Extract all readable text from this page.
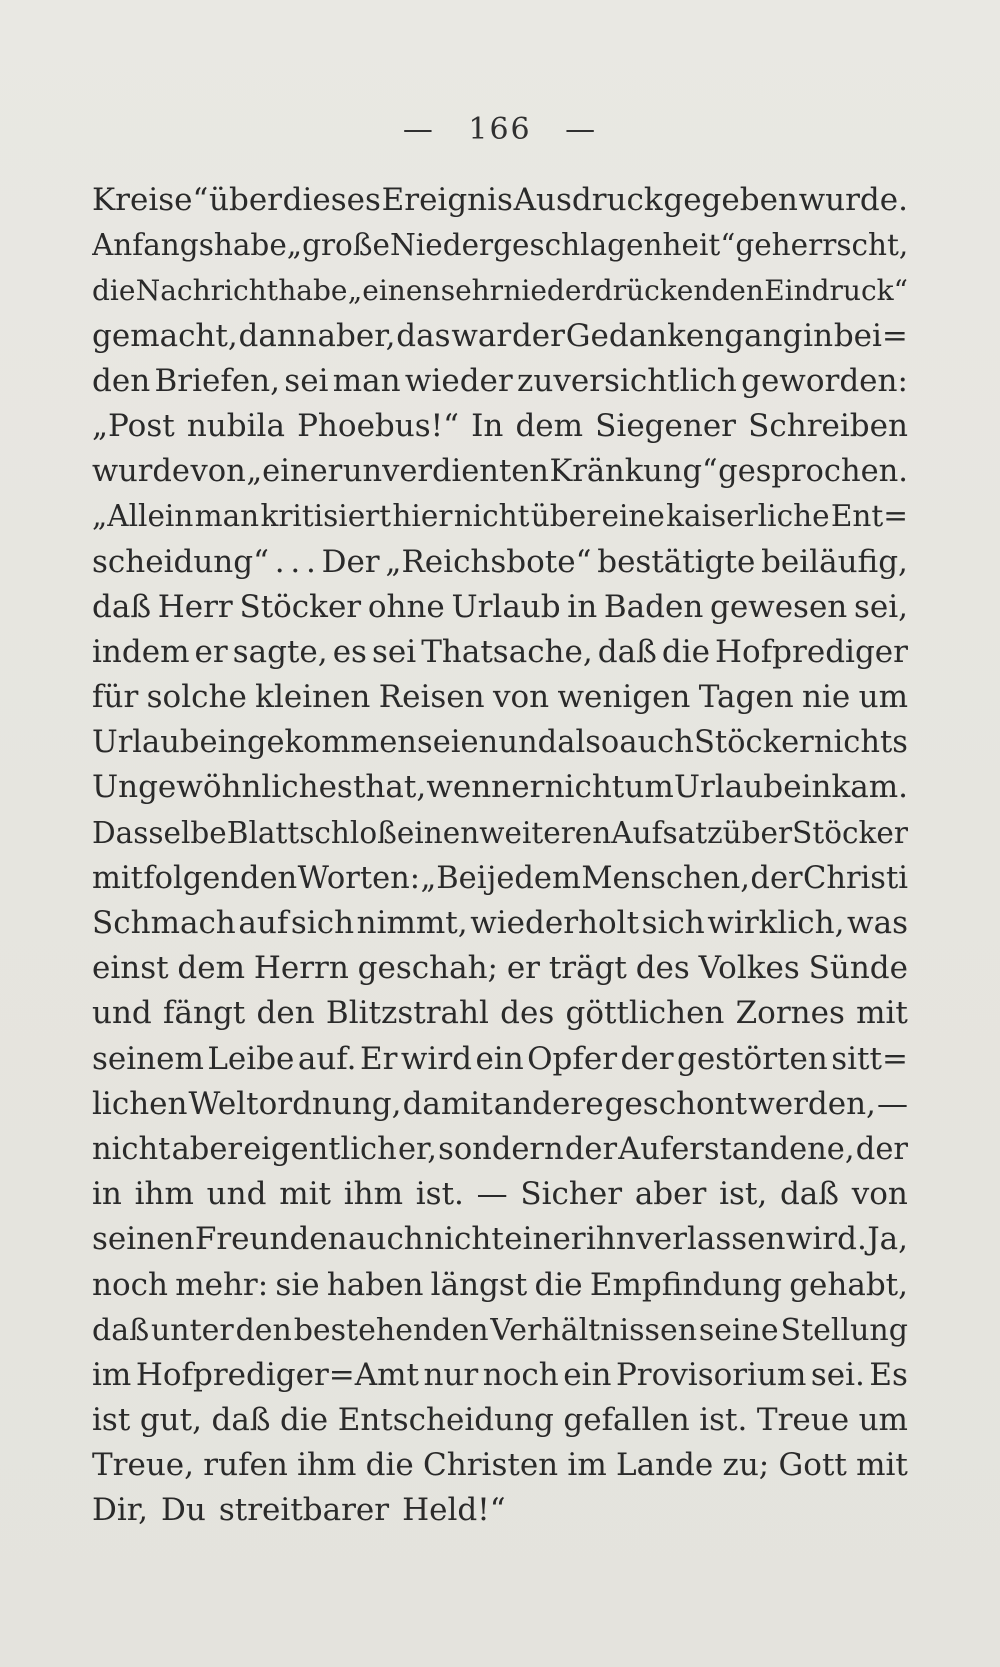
— 166 —
Kreise“ über dieses Ereignis Ausdruck gegeben wurde.
Anfangs habe „große Niedergeschlagenheit“ geherrscht,
die Nachricht habe „einen sehr niederdrückenden Eindruck“
gemacht, dann aber, das war der Gedankengang in bei=
den Briefen, sei man wieder zuversichtlich geworden:
„Post nubila Phoebus!“ In dem Siegener Schreiben
wurde von „einer unverdienten Kränkung“ gesprochen.
„Allein man kritisiert hier nicht über eine kaiserliche Ent=
scheidung“ . . . Der „Reichsbote“ bestätigte beiläufig,
daß Herr Stöcker ohne Urlaub in Baden gewesen sei,
indem er sagte, es sei Thatsache, daß die Hofprediger
für solche kleinen Reisen von wenigen Tagen nie um
Urlaub eingekommen seien und also auch Stöcker nichts
Ungewöhnliches that, wenn er nicht um Urlaub einkam.
Dasselbe Blatt schloß einen weiteren Aufsatz über Stöcker
mit folgenden Worten: „Bei jedem Menschen, der Christi
Schmach auf sich nimmt, wiederholt sich wirklich, was
einst dem Herrn geschah; er trägt des Volkes Sünde
und fängt den Blitzstrahl des göttlichen Zornes mit
seinem Leibe auf. Er wird ein Opfer der gestörten sitt=
lichen Weltordnung, damit andere geschont werden, —
nicht aber eigentlich er, sondern der Auferstandene, der
in ihm und mit ihm ist. — Sicher aber ist, daß von
seinen Freunden auch nicht einer ihn verlassen wird. Ja,
noch mehr: sie haben längst die Empfindung gehabt,
daß unter den bestehenden Verhältnissen seine Stellung
im Hofprediger=Amt nur noch ein Provisorium sei. Es
ist gut, daß die Entscheidung gefallen ist. Treue um
Treue, rufen ihm die Christen im Lande zu; Gott mit
Dir, Du streitbarer Held!“
